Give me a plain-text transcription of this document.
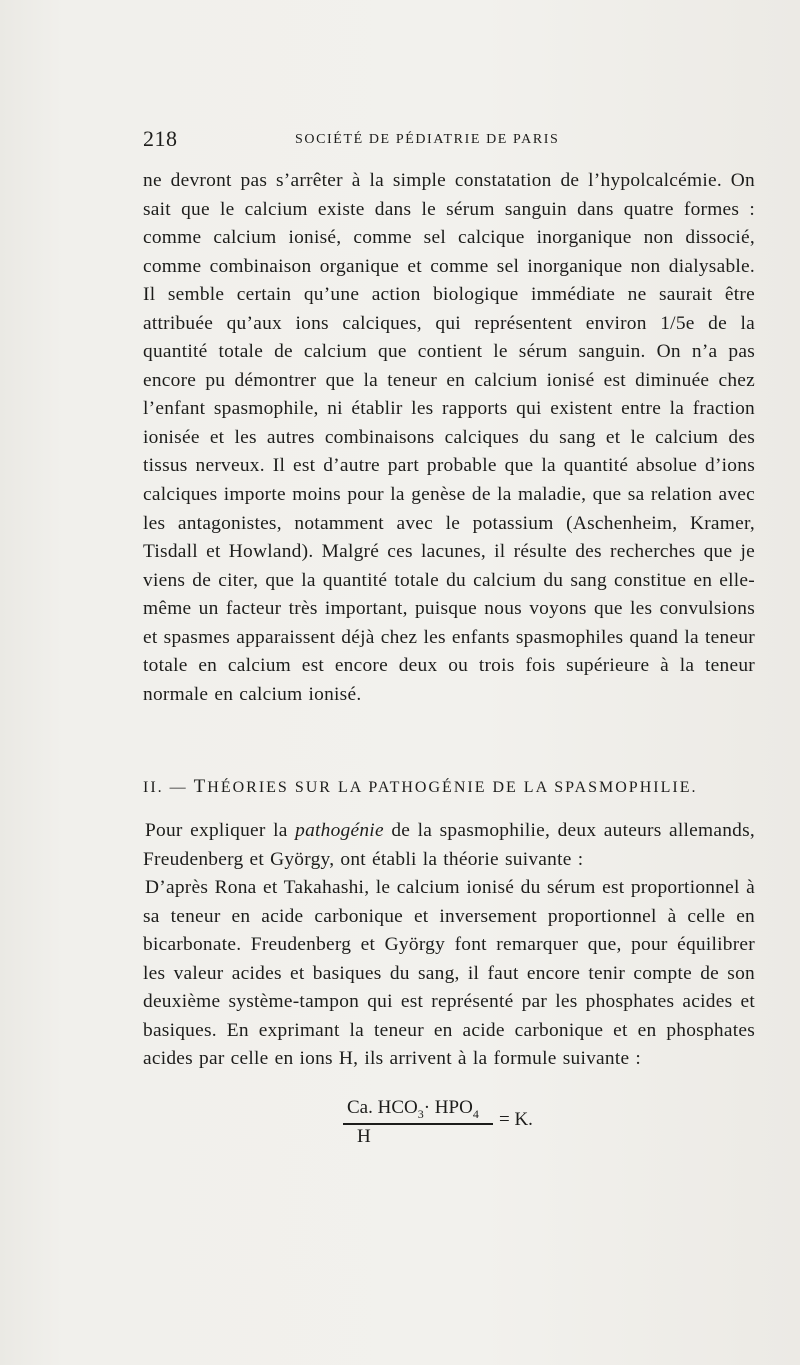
218	SOCIÉTÉ DE PÉDIATRIE DE PARIS

ne devront pas s’arrêter à la simple constatation de l’hypolcalcémie. On sait que le calcium existe dans le sérum sanguin dans quatre formes : comme calcium ionisé, comme sel calcique inorganique non dissocié, comme combinaison organique et comme sel inorganique non dialysable. Il semble certain qu’une action biologique immédiate ne saurait être attribuée qu’aux ions calciques, qui représentent environ 1/5e de la quantité totale de calcium que contient le sérum sanguin. On n’a pas encore pu démontrer que la teneur en calcium ionisé est diminuée chez l’enfant spasmophile, ni établir les rapports qui existent entre la fraction ionisée et les autres combinaisons calciques du sang et le calcium des tissus nerveux. Il est d’autre part probable que la quantité absolue d’ions calciques importe moins pour la genèse de la maladie, que sa relation avec les antagonistes, notamment avec le potassium (Aschenheim, Kramer, Tisdall et Howland). Malgré ces lacunes, il résulte des recherches que je viens de citer, que la quantité totale du calcium du sang constitue en elle-même un facteur très important, puisque nous voyons que les convulsions et spasmes apparaissent déjà chez les enfants spasmophiles quand la teneur totale en calcium est encore deux ou trois fois supérieure à la teneur normale en calcium ionisé.

II. — THÉORIES SUR LA PATHOGÉNIE DE LA SPASMOPHILIE.

Pour expliquer la pathogénie de la spasmophilie, deux auteurs allemands, Freudenberg et György, ont établi la théorie suivante :

D’après Rona et Takahashi, le calcium ionisé du sérum est proportionnel à sa teneur en acide carbonique et inversement proportionnel à celle en bicarbonate. Freudenberg et György font remarquer que, pour équilibrer les valeur acides et basiques du sang, il faut encore tenir compte de son deuxième système-tampon qui est représenté par les phosphates acides et basiques. En exprimant la teneur en acide carbonique et en phosphates acides par celle en ions H, ils arrivent à la formule suivante :

Ca. $HCO_3\cdot HPO_4$
H
= K.
